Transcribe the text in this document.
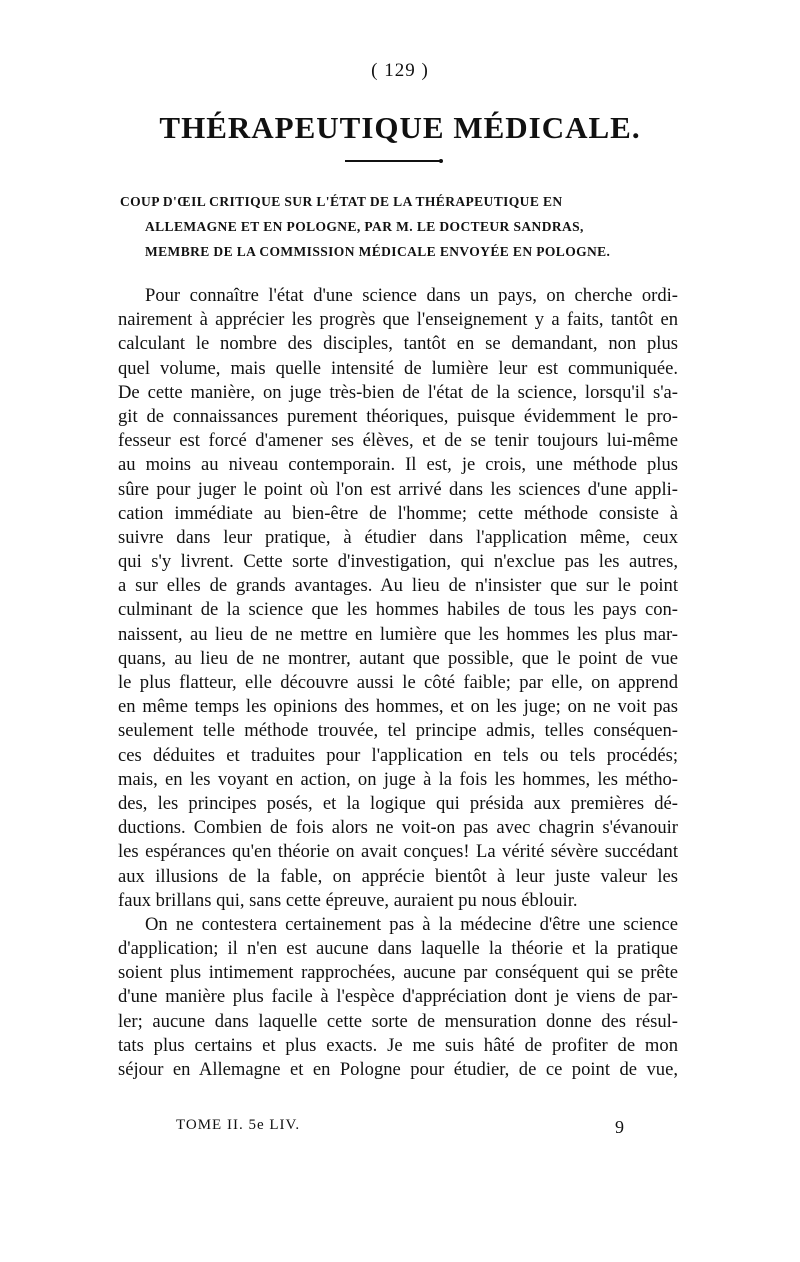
( 129 )
THÉRAPEUTIQUE MÉDICALE.
COUP D'ŒIL CRITIQUE SUR L'ÉTAT DE LA THÉRAPEUTIQUE EN
ALLEMAGNE ET EN POLOGNE, PAR M. LE DOCTEUR SANDRAS,
MEMBRE DE LA COMMISSION MÉDICALE ENVOYÉE EN POLOGNE.
Pour connaître l'état d'une science dans un pays, on cherche ordi-
nairement à apprécier les progrès que l'enseignement y a faits, tantôt en
calculant le nombre des disciples, tantôt en se demandant, non plus
quel volume, mais quelle intensité de lumière leur est communiquée.
De cette manière, on juge très-bien de l'état de la science, lorsqu'il s'a-
git de connaissances purement théoriques, puisque évidemment le pro-
fesseur est forcé d'amener ses élèves, et de se tenir toujours lui-même
au moins au niveau contemporain. Il est, je crois, une méthode plus
sûre pour juger le point où l'on est arrivé dans les sciences d'une appli-
cation immédiate au bien-être de l'homme; cette méthode consiste à
suivre dans leur pratique, à étudier dans l'application même, ceux
qui s'y livrent. Cette sorte d'investigation, qui n'exclue pas les autres,
a sur elles de grands avantages. Au lieu de n'insister que sur le point
culminant de la science que les hommes habiles de tous les pays con-
naissent, au lieu de ne mettre en lumière que les hommes les plus mar-
quans, au lieu de ne montrer, autant que possible, que le point de vue
le plus flatteur, elle découvre aussi le côté faible; par elle, on apprend
en même temps les opinions des hommes, et on les juge; on ne voit pas
seulement telle méthode trouvée, tel principe admis, telles conséquen-
ces déduites et traduites pour l'application en tels ou tels procédés;
mais, en les voyant en action, on juge à la fois les hommes, les métho-
des, les principes posés, et la logique qui présida aux premières dé-
ductions. Combien de fois alors ne voit-on pas avec chagrin s'évanouir
les espérances qu'en théorie on avait conçues! La vérité sévère succédant
aux illusions de la fable, on apprécie bientôt à leur juste valeur les
faux brillans qui, sans cette épreuve, auraient pu nous éblouir.
On ne contestera certainement pas à la médecine d'être une science
d'application; il n'en est aucune dans laquelle la théorie et la pratique
soient plus intimement rapprochées, aucune par conséquent qui se prête
d'une manière plus facile à l'espèce d'appréciation dont je viens de par-
ler; aucune dans laquelle cette sorte de mensuration donne des résul-
tats plus certains et plus exacts. Je me suis hâté de profiter de mon
séjour en Allemagne et en Pologne pour étudier, de ce point de vue,
TOME II. 5e LIV.	9
